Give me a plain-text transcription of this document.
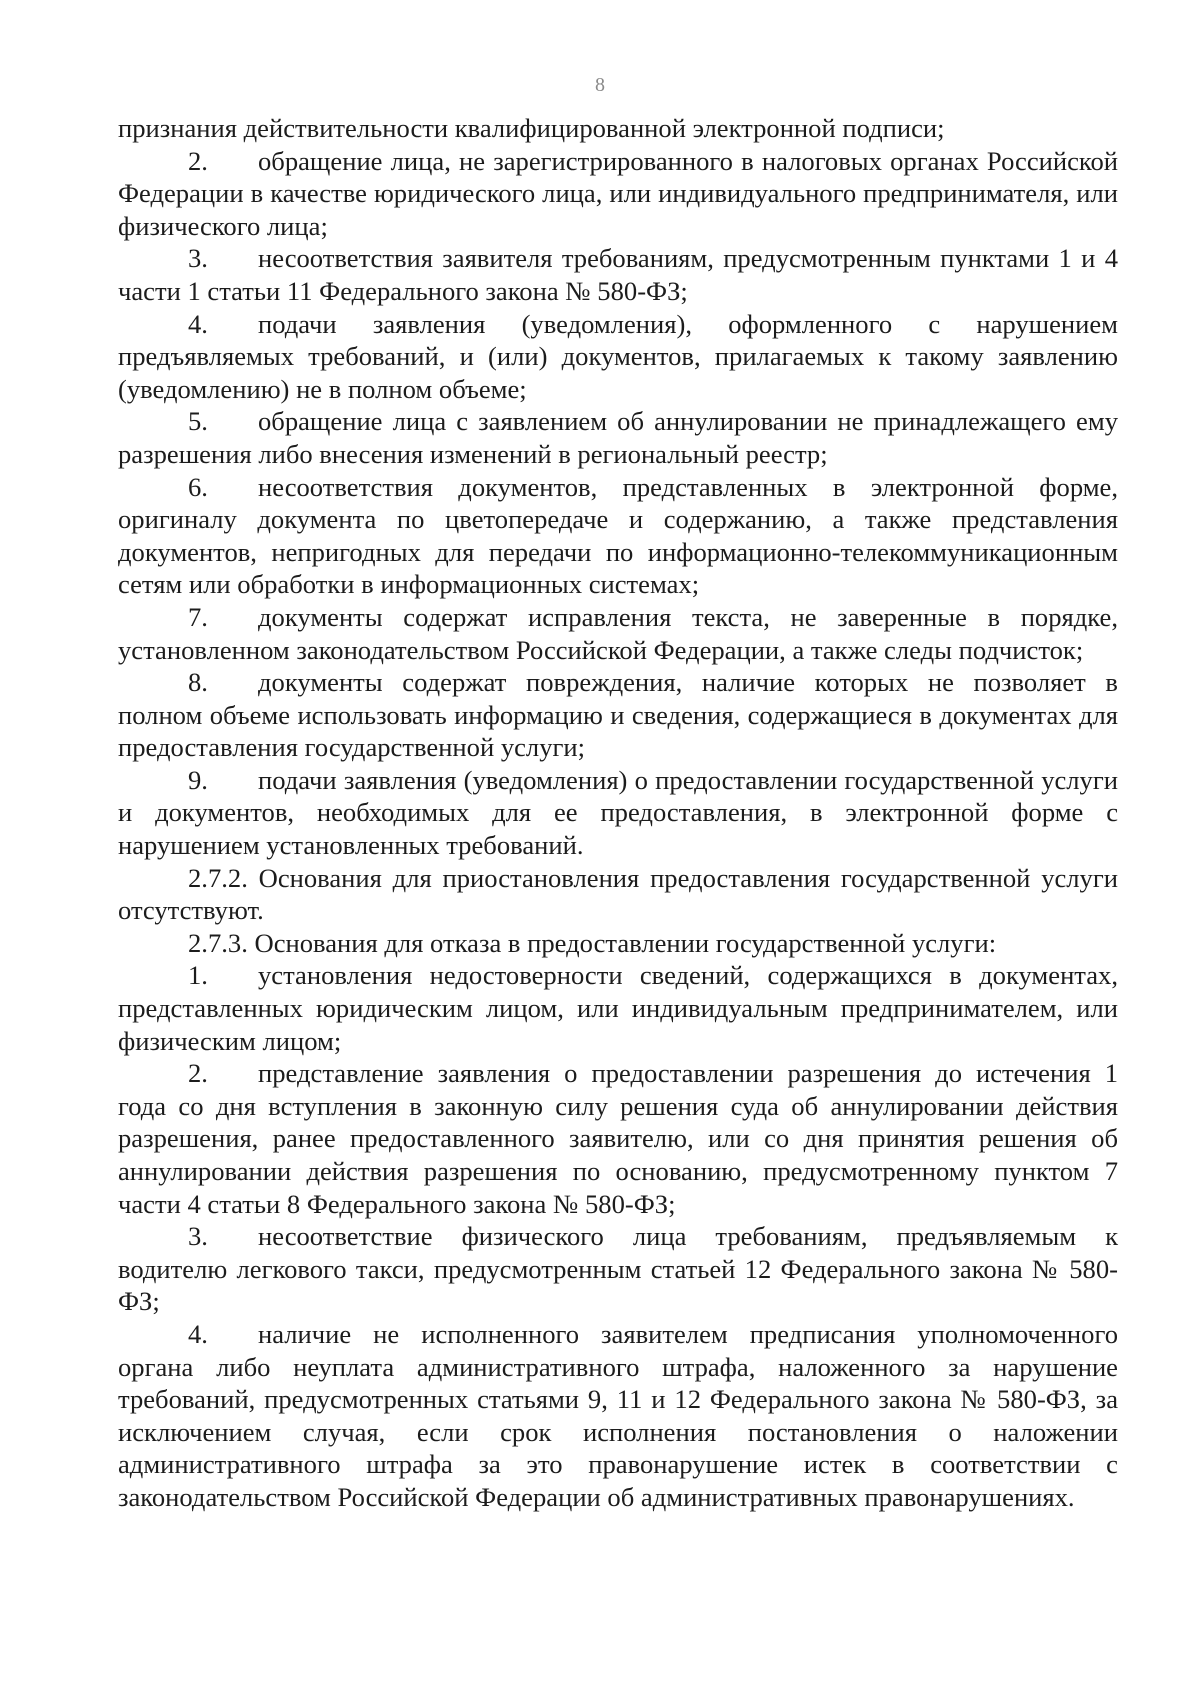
8

признания действительности квалифицированной электронной подписи;

2. обращение лица, не зарегистрированного в налоговых органах Российской Федерации в качестве юридического лица, или индивидуального предпринимателя, или физического лица;

3. несоответствия заявителя требованиям, предусмотренным пунктами 1 и 4 части 1 статьи 11 Федерального закона № 580-ФЗ;

4. подачи заявления (уведомления), оформленного с нарушением предъявляемых требований, и (или) документов, прилагаемых к такому заявлению (уведомлению) не в полном объеме;

5. обращение лица с заявлением об аннулировании не принадлежащего ему разрешения либо внесения изменений в региональный реестр;

6. несоответствия документов, представленных в электронной форме, оригиналу документа по цветопередаче и содержанию, а также представления документов, непригодных для передачи по информационно-телекоммуникационным сетям или обработки в информационных системах;

7. документы содержат исправления текста, не заверенные в порядке, установленном законодательством Российской Федерации, а также следы подчисток;

8. документы содержат повреждения, наличие которых не позволяет в полном объеме использовать информацию и сведения, содержащиеся в документах для предоставления государственной услуги;

9. подачи заявления (уведомления) о предоставлении государственной услуги и документов, необходимых для ее предоставления, в электронной форме с нарушением установленных требований.

2.7.2. Основания для приостановления предоставления государственной услуги отсутствуют.

2.7.3. Основания для отказа в предоставлении государственной услуги:

1. установления недостоверности сведений, содержащихся в документах, представленных юридическим лицом, или индивидуальным предпринимателем, или физическим лицом;

2. представление заявления о предоставлении разрешения до истечения 1 года со дня вступления в законную силу решения суда об аннулировании действия разрешения, ранее предоставленного заявителю, или со дня принятия решения об аннулировании действия разрешения по основанию, предусмотренному пунктом 7 части 4 статьи 8 Федерального закона № 580-ФЗ;

3. несоответствие физического лица требованиям, предъявляемым к водителю легкового такси, предусмотренным статьей 12 Федерального закона № 580-ФЗ;

4. наличие не исполненного заявителем предписания уполномоченного органа либо неуплата административного штрафа, наложенного за нарушение требований, предусмотренных статьями 9, 11 и 12 Федерального закона № 580-ФЗ, за исключением случая, если срок исполнения постановления о наложении административного штрафа за это правонарушение истек в соответствии с законодательством Российской Федерации об административных правонарушениях.
